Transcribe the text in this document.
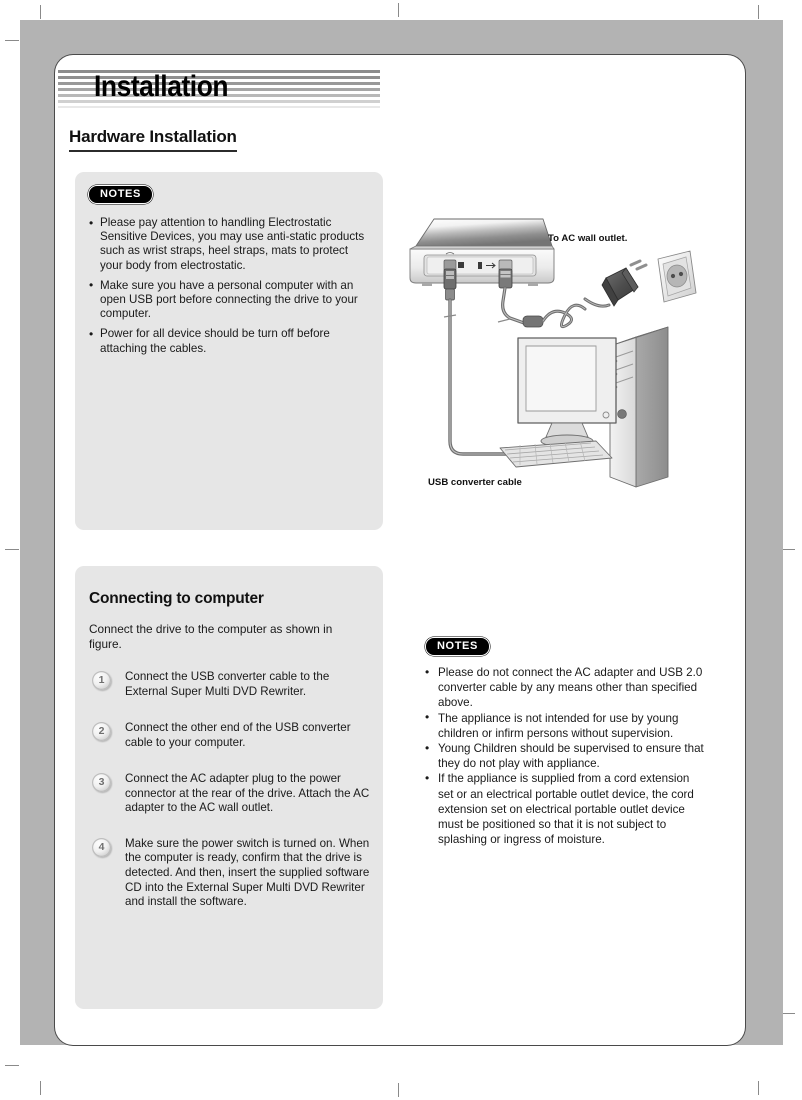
Installation
Hardware Installation
NOTES
• Please pay attention to handling Electrostatic Sensitive Devices, you may use anti-static products such as wrist straps, heel straps, mats to protect your body from electrostatic.
• Make sure you have a personal computer with an open USB port before connecting the drive to your computer.
• Power for all device should be turn off before attaching the cables.
To AC wall outlet.
USB converter cable
Connecting to computer
Connect the drive to the computer as shown in figure.
1	Connect the USB converter cable to the External Super Multi DVD Rewriter.
2	Connect the other end of the USB converter cable to your computer.
3	Connect the AC adapter plug to the power connector at the rear of the drive. Attach the AC adapter to the AC wall outlet.
4	Make sure the power switch is turned on. When the computer is ready, confirm that the drive is detected. And then, insert the supplied software CD into the External Super Multi DVD Rewriter and install the software.
NOTES
• Please do not connect the AC adapter and USB 2.0 converter cable by any means other than specified above.
• The appliance is not intended for use by young children or infirm persons without supervision.
• Young Children should be supervised to ensure that they do not play with appliance.
• If the appliance is supplied from a cord extension set or an electrical portable outlet device, the cord extension set on electrical portable outlet device must be positioned so that it is not subject to splashing or ingress of moisture.
